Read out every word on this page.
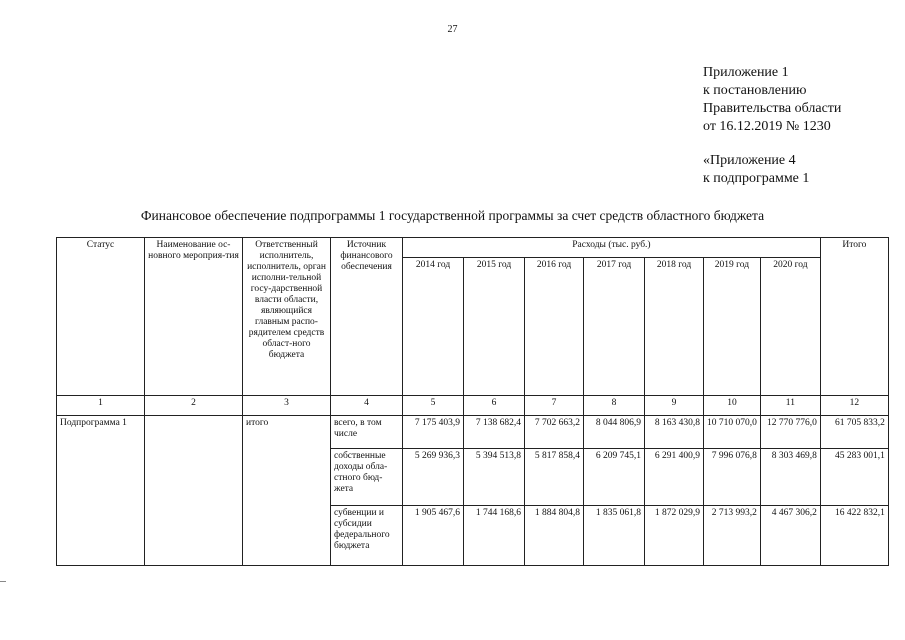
27
Приложение 1
к постановлению
Правительства области
от 16.12.2019 № 1230
«Приложение 4
к подпрограмме 1
Финансовое обеспечение подпрограммы 1 государственной программы за счет средств областного бюджета
Статус	Наименование ос-новного мероприя-тия	Ответственный исполнитель, исполнитель, орган исполни-тельной госу-дарственной власти области, являющийся главным распо-рядителем средств област-ного бюджета	Источник финансового обеспечения	Расходы (тыс. руб.)							Итого
				2014 год	2015 год	2016 год	2017 год	2018 год	2019 год	2020 год	
1	2	3	4	5	6	7	8	9	10	11	12
Подпрограмма 1		итого	всего, в том числе	7 175 403,9	7 138 682,4	7 702 663,2	8 044 806,9	8 163 430,8	10 710 070,0	12 770 776,0	61 705 833,2
			собственные доходы обла-стного бюд-жета	5 269 936,3	5 394 513,8	5 817 858,4	6 209 745,1	6 291 400,9	7 996 076,8	8 303 469,8	45 283 001,1
			субвенции и субсидии федерального бюджета	1 905 467,6	1 744 168,6	1 884 804,8	1 835 061,8	1 872 029,9	2 713 993,2	4 467 306,2	16 422 832,1
